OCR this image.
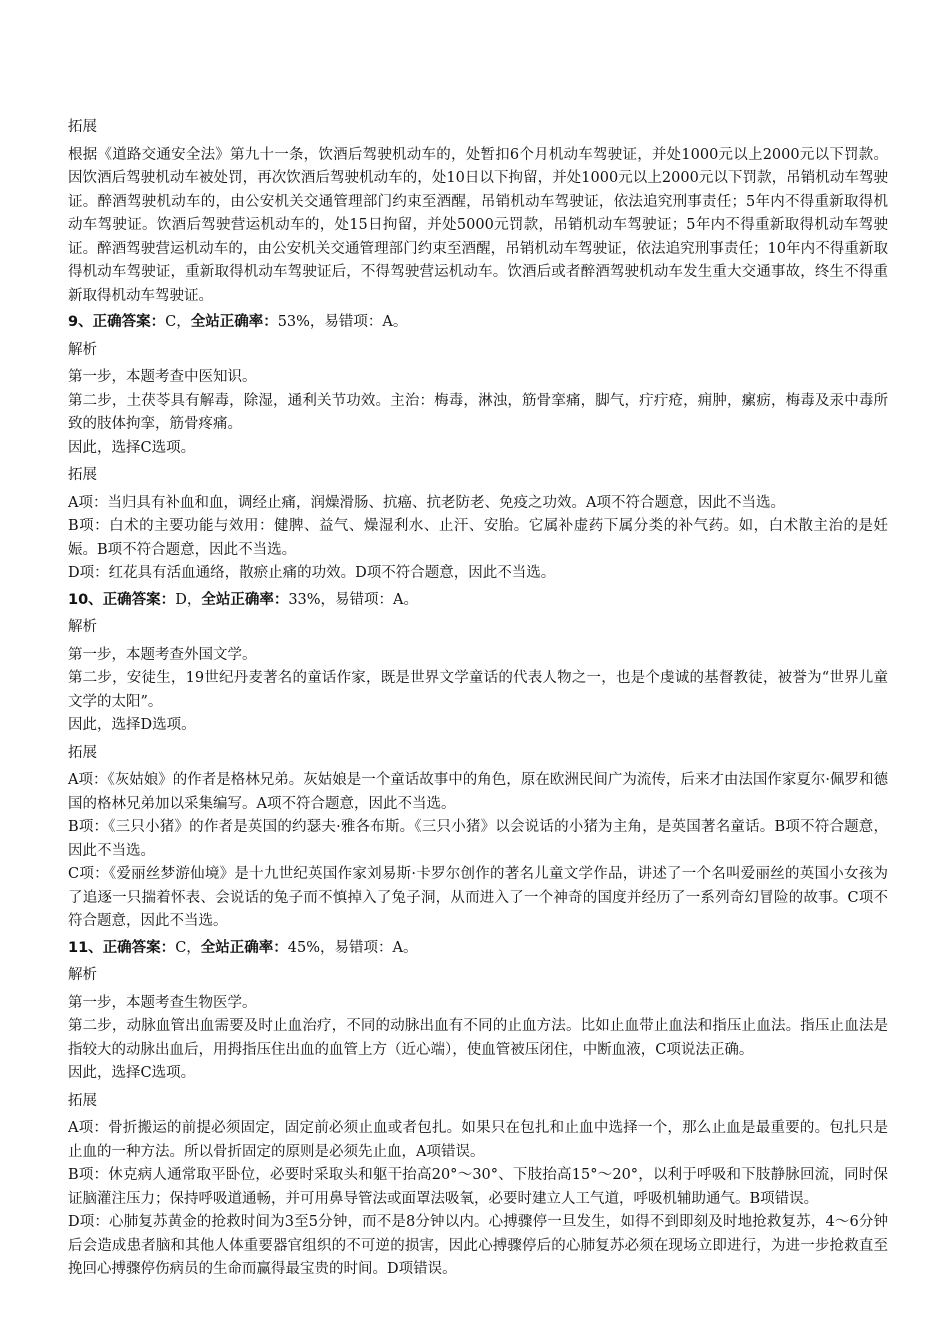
拓展

根据《道路交通安全法》第九十一条，饮酒后驾驶机动车的，处暂扣6个月机动车驾驶证，并处1000元以上2000元以下罚款。因饮酒后驾驶机动车被处罚，再次饮酒后驾驶机动车的，处10日以下拘留，并处1000元以上2000元以下罚款，吊销机动车驾驶证。醉酒驾驶机动车的，由公安机关交通管理部门约束至酒醒，吊销机动车驾驶证，依法追究刑事责任；5年内不得重新取得机动车驾驶证。饮酒后驾驶营运机动车的，处15日拘留，并处5000元罚款，吊销机动车驾驶证；5年内不得重新取得机动车驾驶证。醉酒驾驶营运机动车的，由公安机关交通管理部门约束至酒醒，吊销机动车驾驶证，依法追究刑事责任；10年内不得重新取得机动车驾驶证，重新取得机动车驾驶证后，不得驾驶营运机动车。饮酒后或者醉酒驾驶机动车发生重大交通事故，终生不得重新取得机动车驾驶证。

9、正确答案：C，全站正确率：53%，易错项：A。

解析

第一步，本题考查中医知识。

第二步，土茯苓具有解毒，除湿，通利关节功效。主治：梅毒，淋浊，筋骨挛痛，脚气，疔疔疮，痈肿，瘰疬，梅毒及汞中毒所致的肢体拘挛，筋骨疼痛。

因此，选择C选项。

拓展

A项：当归具有补血和血，调经止痛，润燥滑肠、抗癌、抗老防老、免疫之功效。A项不符合题意，因此不当选。

B项：白术的主要功能与效用：健脾、益气、燥湿利水、止汗、安胎。它属补虚药下属分类的补气药。如，白术散主治的是妊娠。B项不符合题意，因此不当选。

D项：红花具有活血通络，散瘀止痛的功效。D项不符合题意，因此不当选。

10、正确答案：D，全站正确率：33%，易错项：A。

解析

第一步，本题考查外国文学。

第二步，安徒生，19世纪丹麦著名的童话作家，既是世界文学童话的代表人物之一，也是个虔诚的基督教徒，被誉为“世界儿童文学的太阳”。

因此，选择D选项。

拓展

A项：《灰姑娘》的作者是格林兄弟。灰姑娘是一个童话故事中的角色，原在欧洲民间广为流传，后来才由法国作家夏尔·佩罗和德国的格林兄弟加以采集编写。A项不符合题意，因此不当选。

B项：《三只小猪》的作者是英国的约瑟夫·雅各布斯。《三只小猪》以会说话的小猪为主角，是英国著名童话。B项不符合题意，因此不当选。

C项：《爱丽丝梦游仙境》是十九世纪英国作家刘易斯·卡罗尔创作的著名儿童文学作品，讲述了一个名叫爱丽丝的英国小女孩为了追逐一只揣着怀表、会说话的兔子而不慎掉入了兔子洞，从而进入了一个神奇的国度并经历了一系列奇幻冒险的故事。C项不符合题意，因此不当选。

11、正确答案：C，全站正确率：45%，易错项：A。

解析

第一步，本题考查生物医学。

第二步，动脉血管出血需要及时止血治疗，不同的动脉出血有不同的止血方法。比如止血带止血法和指压止血法。指压止血法是指较大的动脉出血后，用拇指压住出血的血管上方（近心端），使血管被压闭住，中断血液，C项说法正确。

因此，选择C选项。

拓展

A项：骨折搬运的前提必须固定，固定前必须止血或者包扎。如果只在包扎和止血中选择一个，那么止血是最重要的。包扎只是止血的一种方法。所以骨折固定的原则是必须先止血，A项错误。

B项：休克病人通常取平卧位，必要时采取头和躯干抬高20°～30°、下肢抬高15°～20°，以利于呼吸和下肢静脉回流，同时保证脑灌注压力；保持呼吸道通畅，并可用鼻导管法或面罩法吸氧，必要时建立人工气道，呼吸机辅助通气。B项错误。

D项：心肺复苏黄金的抢救时间为3至5分钟，而不是8分钟以内。心搏骤停一旦发生，如得不到即刻及时地抢救复苏，4～6分钟后会造成患者脑和其他人体重要器官组织的不可逆的损害，因此心搏骤停后的心肺复苏必须在现场立即进行，为进一步抢救直至挽回心搏骤停伤病员的生命而赢得最宝贵的时间。D项错误。
